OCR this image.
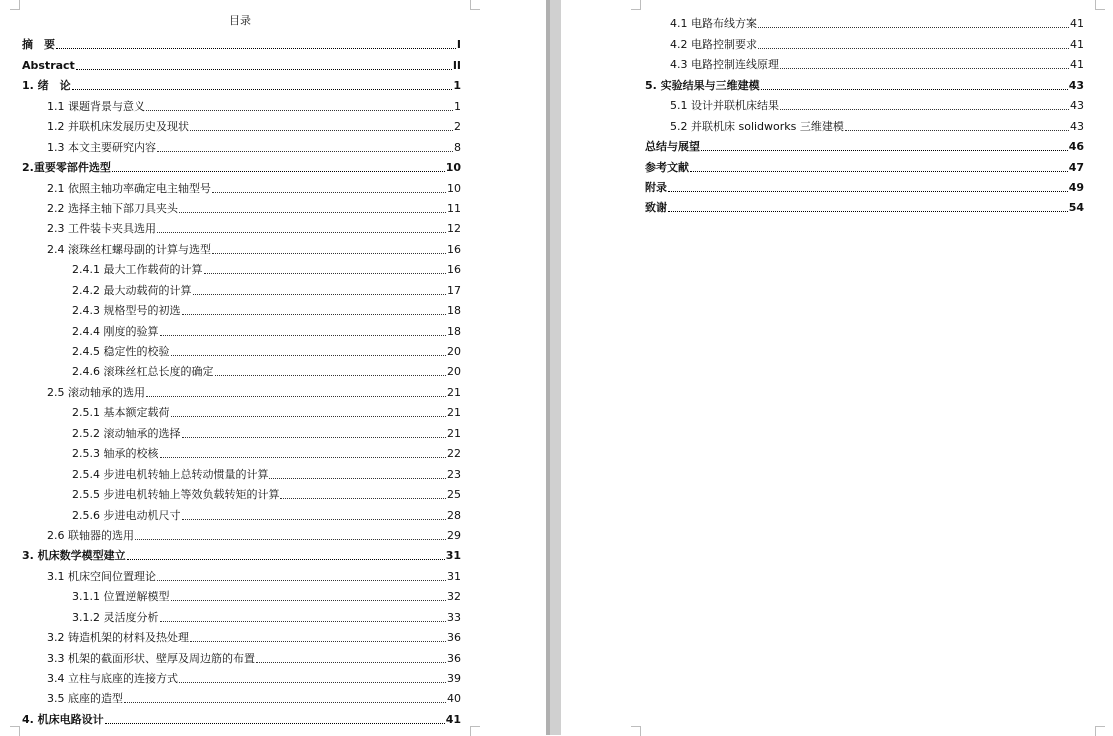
目录
摘　要	I
Abstract	II
1. 绪　论	1
1.1 课题背景与意义	1
1.2 并联机床发展历史及现状	2
1.3 本文主要研究内容	8
2.重要零部件选型	10
2.1 依照主轴功率确定电主轴型号	10
2.2 选择主轴下部刀具夹头	11
2.3 工件装卡夹具选用	12
2.4 滚珠丝杠螺母副的计算与选型	16
2.4.1 最大工作载荷的计算	16
2.4.2 最大动载荷的计算	17
2.4.3 规格型号的初选	18
2.4.4 刚度的验算	18
2.4.5 稳定性的校验	20
2.4.6 滚珠丝杠总长度的确定	20
2.5 滚动轴承的选用	21
2.5.1 基本额定载荷	21
2.5.2 滚动轴承的选择	21
2.5.3 轴承的校核	22
2.5.4 步进电机转轴上总转动惯量的计算	23
2.5.5 步进电机转轴上等效负载转矩的计算	25
2.5.6 步进电动机尺寸	28
2.6 联轴器的选用	29
3. 机床数学模型建立	31
3.1 机床空间位置理论	31
3.1.1 位置逆解模型	32
3.1.2 灵活度分析	33
3.2 铸造机架的材料及热处理	36
3.3 机架的截面形状、壁厚及周边筋的布置	36
3.4 立柱与底座的连接方式	39
3.5 底座的造型	40
4. 机床电路设计	41
4.1 电路布线方案	41
4.2 电路控制要求	41
4.3 电路控制连线原理	41
5. 实验结果与三维建模	43
5.1 设计并联机床结果	43
5.2 并联机床 solidworks 三维建模	43
总结与展望	46
参考文献	47
附录	49
致谢	54
